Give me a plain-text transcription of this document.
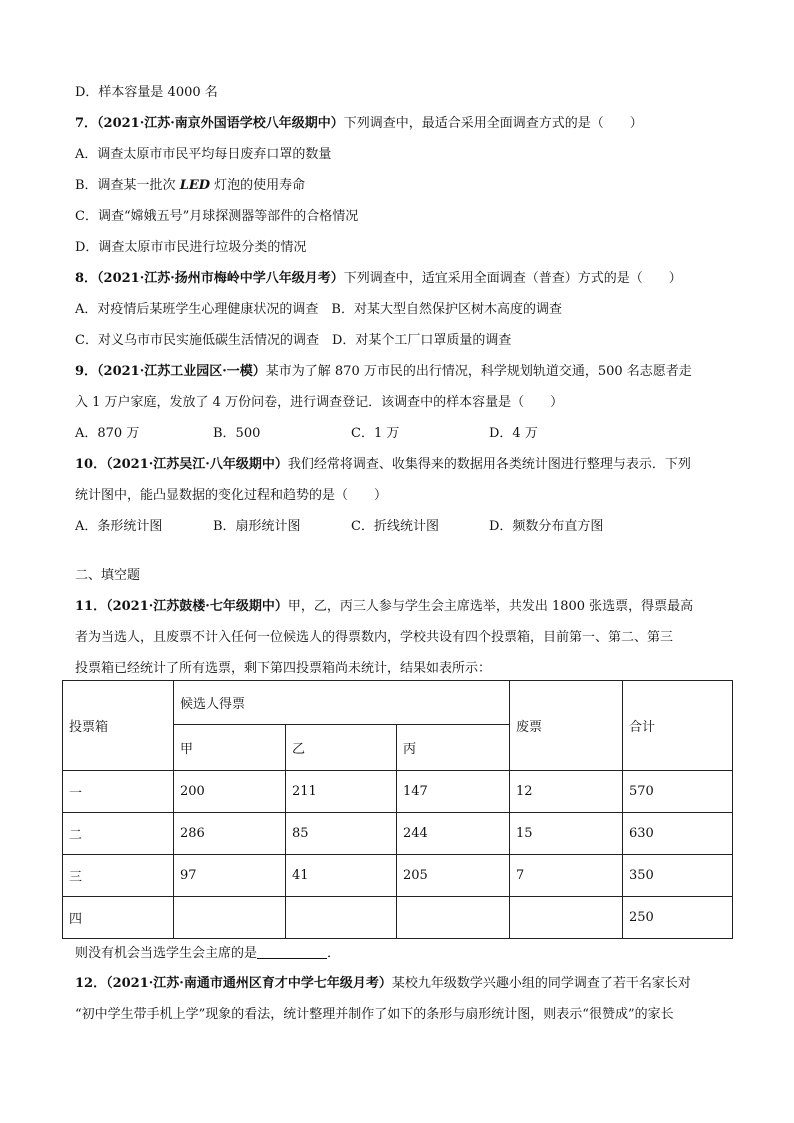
D．样本容量是 4000 名
7．（2021·江苏·南京外国语学校八年级期中）下列调查中，最适合采用全面调查方式的是（　　）
A．调查太原市市民平均每日废弃口罩的数量
B．调查某一批次 LED 灯泡的使用寿命
C．调查“嫦娥五号”月球探测器等部件的合格情况
D．调查太原市市民进行垃圾分类的情况
8．（2021·江苏·扬州市梅岭中学八年级月考）下列调查中，适宜采用全面调查（普查）方式的是（　　）
A．对疫情后某班学生心理健康状况的调查　B．对某大型自然保护区树木高度的调查
C．对义乌市市民实施低碳生活情况的调查　D．对某个工厂口罩质量的调查
9．（2021·江苏工业园区·一模）某市为了解 870 万市民的出行情况，科学规划轨道交通，500 名志愿者走
入 1 万户家庭，发放了 4 万份问卷，进行调查登记．该调查中的样本容量是（　　）
A．870 万	B．500	C．1 万	D．4 万
10．（2021·江苏吴江·八年级期中）我们经常将调查、收集得来的数据用各类统计图进行整理与表示．下列
统计图中，能凸显数据的变化过程和趋势的是（　　）
A．条形统计图	B．扇形统计图	C．折线统计图	D．频数分布直方图
二、填空题
11．（2021·江苏鼓楼·七年级期中）甲，乙，丙三人参与学生会主席选举，共发出 1800 张选票，得票最高
者为当选人，且废票不计入任何一位候选人的得票数内，学校共设有四个投票箱，目前第一、第二、第三
投票箱已经统计了所有选票，剩下第四投票箱尚未统计，结果如表所示：
投票箱	候选人得票			废票	合计
	甲	乙	丙		
一	200	211	147	12	570
二	286	85	244	15	630
三	97	41	205	7	350
四					250
则没有机会当选学生会主席的是	．
12．（2021·江苏·南通市通州区育才中学七年级月考）某校九年级数学兴趣小组的同学调查了若干名家长对
“初中学生带手机上学”现象的看法，统计整理并制作了如下的条形与扇形统计图，则表示“很赞成”的家长
